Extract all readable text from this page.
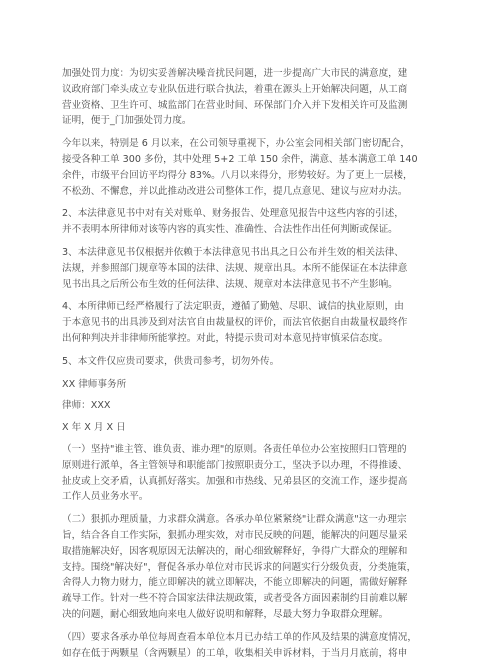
加强处罚力度：为切实妥善解决噪音扰民问题，进一步提高广大市民的满意度，建
议政府部门牵头成立专业队伍进行联合执法，着重在源头上开始解决问题，从工商
营业资格、卫生许可、城监部门在营业时间、环保部门介入并下发相关许可及监测
证明，便于_门加强处罚力度。

今年以来，特别是 6 月以来，在公司领导重视下，办公室会同相关部门密切配合，
接受各种工单 300 多份，其中处理 5+2 工单 150 余件，满意、基本满意工单 140
余件，市级平台回访平均得分 83%。八月以来得分，形势较好。为了更上一层楼，
不松劲、不懈怠，并以此推动改进公司整体工作，提几点意见、建议与应对办法。

2、本法律意见书中对有关对账单、财务报告、处理意见报告中这些内容的引述，
并不表明本所律师对该等内容的真实性、准确性、合法性作出任何判断或保证。

3、本法律意见书仅根据并依赖于本法律意见书出具之日公布并生效的相关法律、
法规，并参照部门规章等本国的法律、法规、规章出具。本所不能保证在本法律意
见书出具之后所公布生效的任何法律、法规、规章对本法律意见书不产生影响。

4、本所律师已经严格履行了法定职责，遵循了勤勉、尽职、诚信的执业原则，由
于本意见书的出具涉及到对法官自由裁量权的评价，而法官依据自由裁量权最终作
出何种判决并非律师所能掌控。对此，特提示贵司对本意见持审慎采信态度。

5、本文件仅应贵司要求，供贵司参考，切勿外传。

XX 律师事务所

律师：XXX

X 年 X 月 X 日

（一）坚持"谁主管、谁负责、谁办理"的原则。各责任单位办公室按照归口管理的
原则进行派单，各主管领导和职能部门按照职责分工，坚决予以办理，不得推诿、
扯皮或上交矛盾，认真抓好落实。加强和市热线、兄弟县区的交流工作，逐步提高
工作人员业务水平。

（二）狠抓办理质量，力求群众满意。各承办单位紧紧绕"让群众满意"这一办理宗
旨，结合各自工作实际，狠抓办理实效，对市民反映的问题，能解决的问题尽量采
取措施解决好，因客观原因无法解决的，耐心细致解释好，争得广大群众的理解和
支持。围绕"解决好"，督促各承办单位对市民诉求的问题实行分级负责，分类施策，
舍得人力物力财力，能立即解决的就立即解决，不能立即解决的问题，需做好解释
疏导工作。针对一些不符合国家法律法规政策，或者受各方面因素制约目前难以解
决的问题，耐心细致地向来电人做好说明和解释，尽最大努力争取群众理解。

（四）要求各承办单位每周查看本单位本月已办结工单的作风及结果的满意度情况，
如存在低于两颗星（含两颗星）的工单，收集相关申诉材料，于当月月底前，将申
